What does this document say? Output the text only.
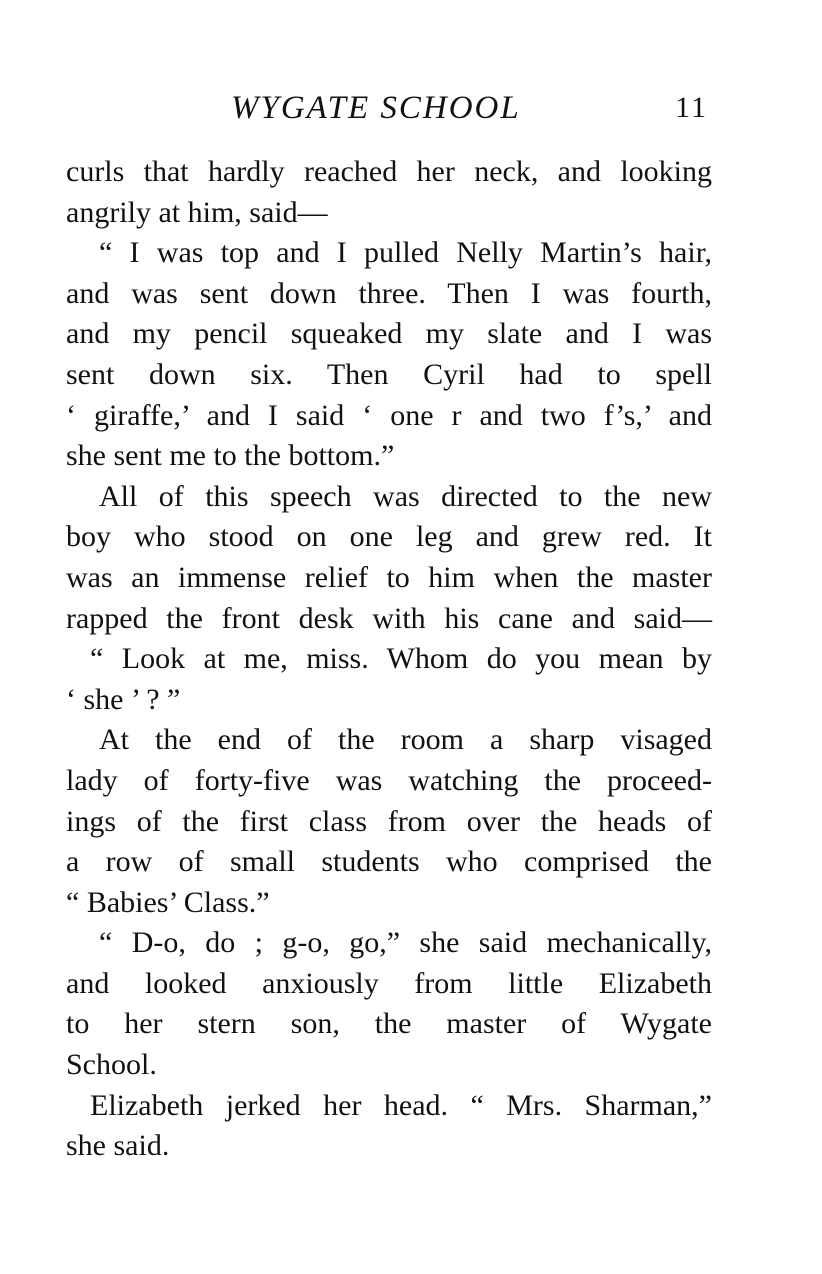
WYGATE SCHOOL	11
curls that hardly reached her neck, and looking
angrily at him, said—
“ I was top and I pulled Nelly Martin’s hair,
and was sent down three. Then I was fourth,
and my pencil squeaked my slate and I was
sent down six. Then Cyril had to spell
‘ giraffe,’ and I said ‘ one r and two f’s,’ and
she sent me to the bottom.”
All of this speech was directed to the new
boy who stood on one leg and grew red. It
was an immense relief to him when the master
rapped the front desk with his cane and said—
“ Look at me, miss. Whom do you mean by
‘ she ’ ? ”
At the end of the room a sharp visaged
lady of forty-five was watching the proceed-
ings of the first class from over the heads of
a row of small students who comprised the
“ Babies’ Class.”
“ D-o, do ; g-o, go,” she said mechanically,
and looked anxiously from little Elizabeth
to her stern son, the master of Wygate
School.
Elizabeth jerked her head. “ Mrs. Sharman,”
she said.
